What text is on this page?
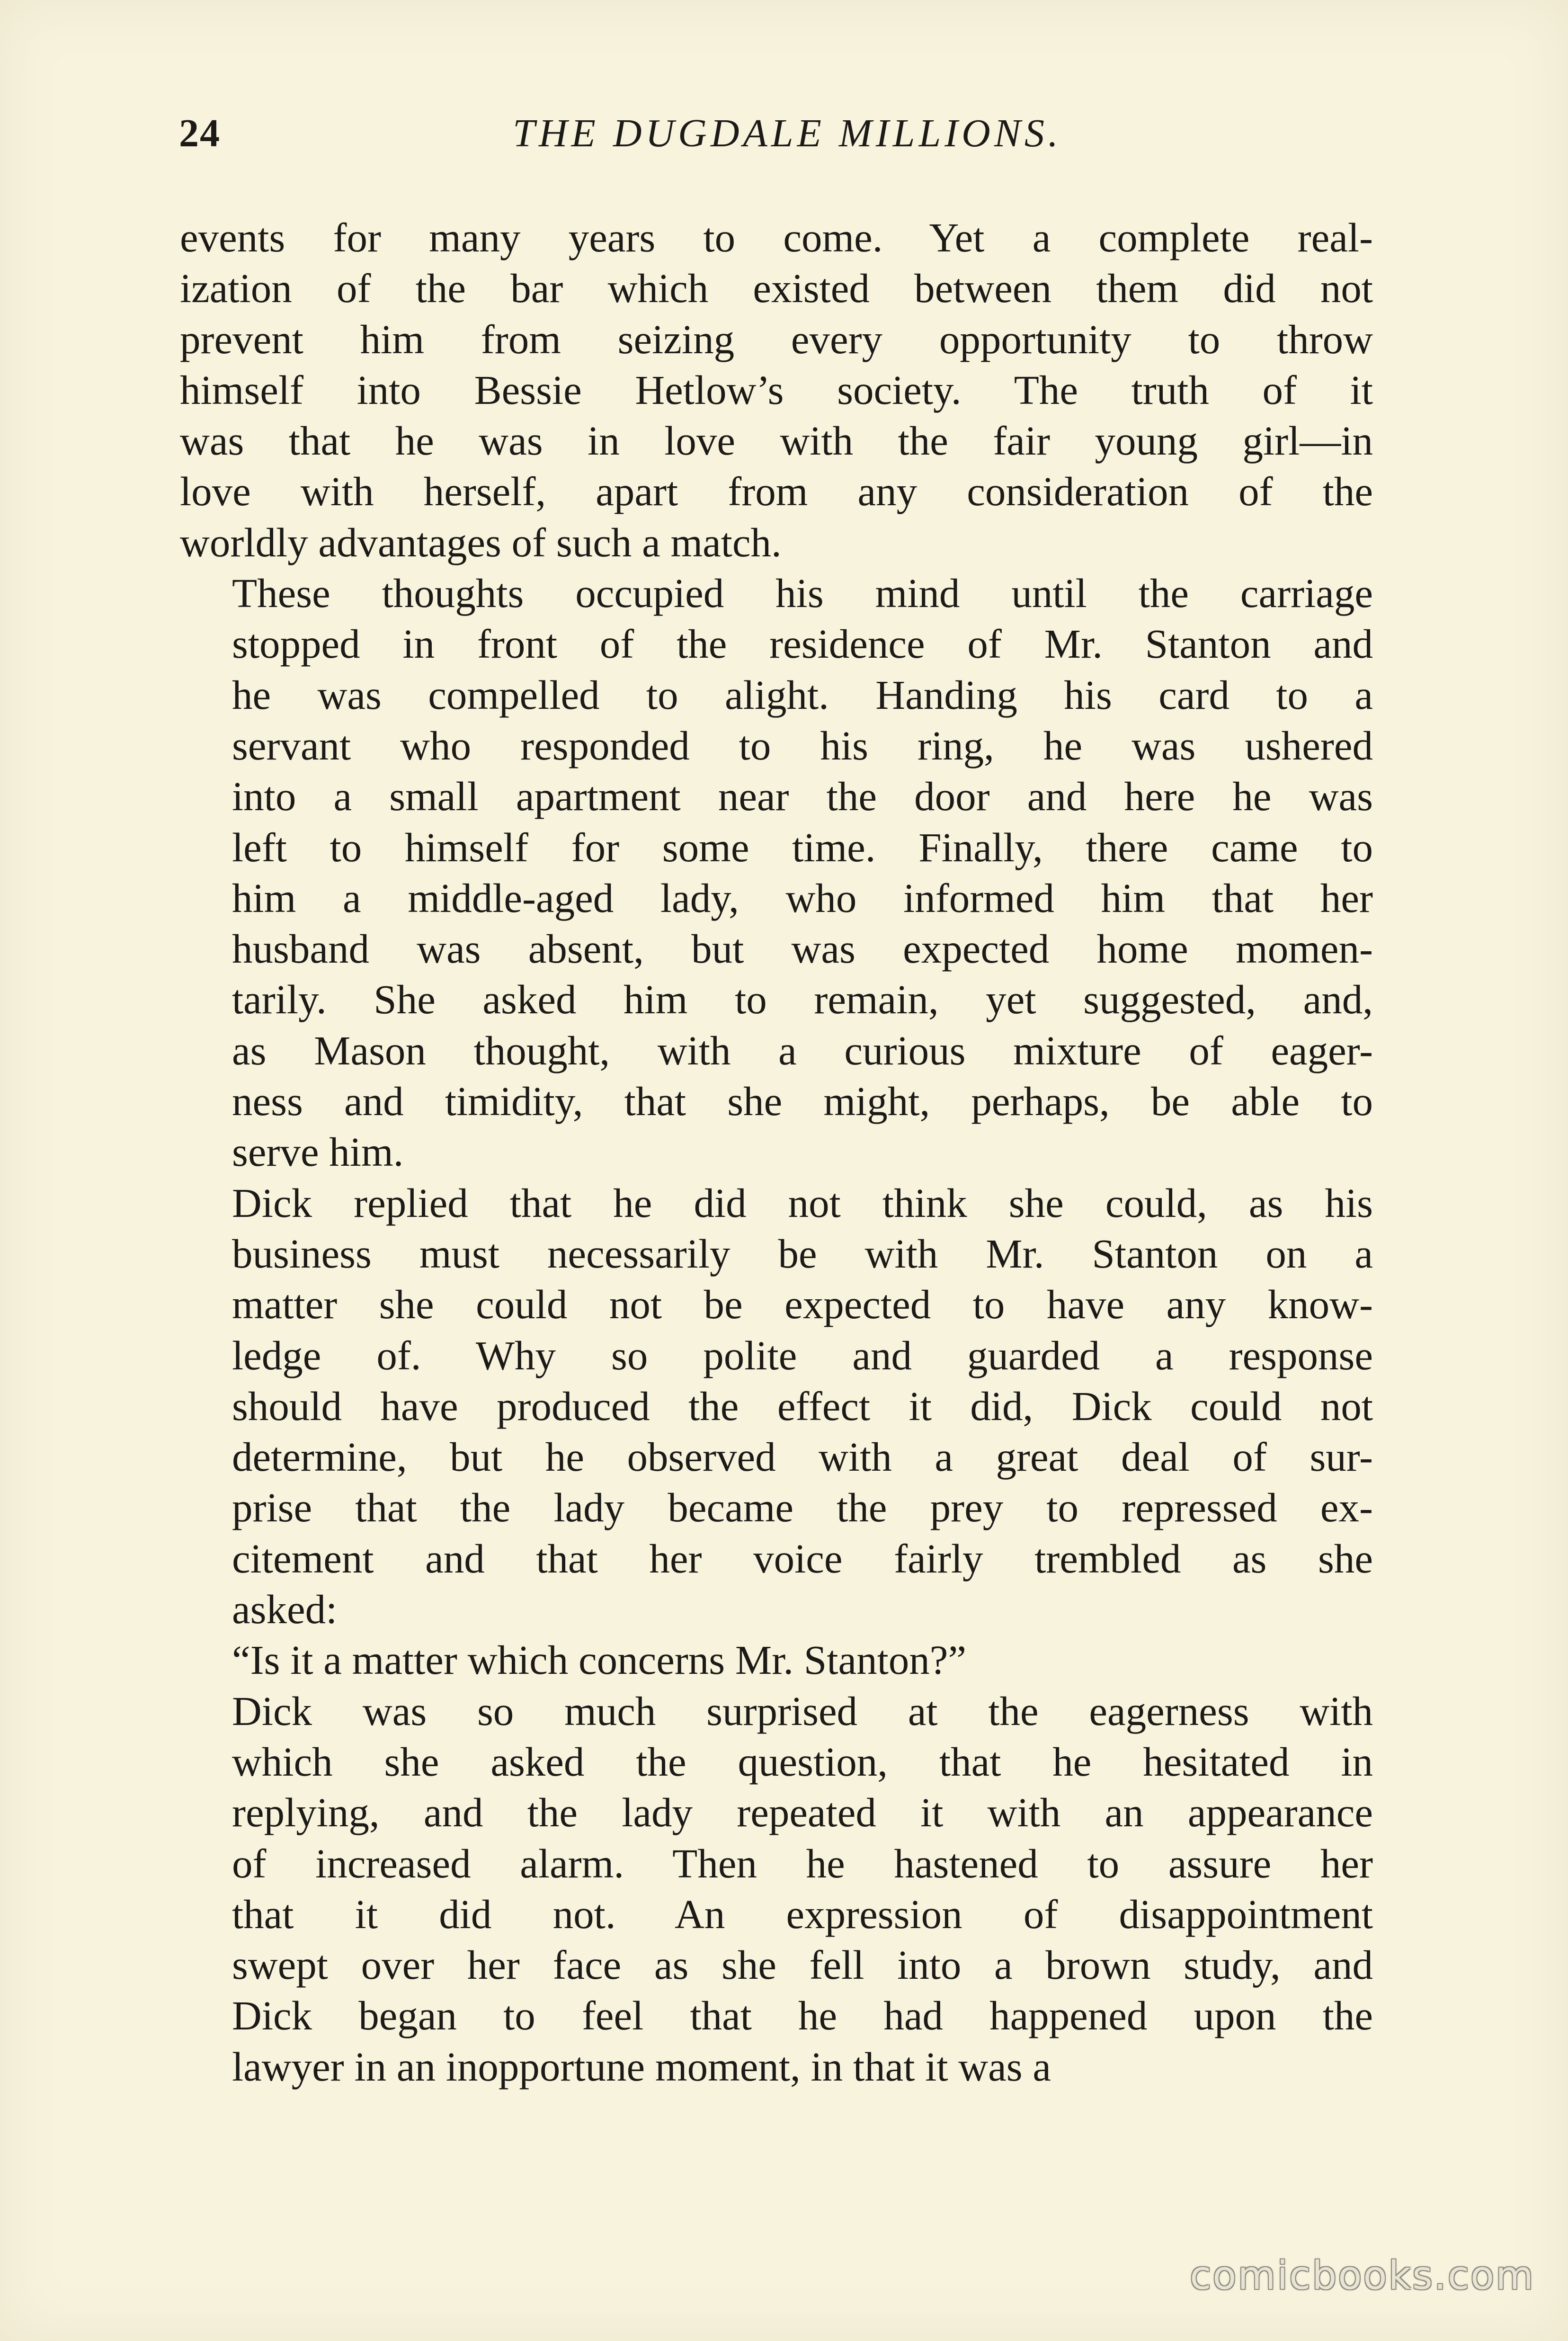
24	THE DUGDALE MILLIONS.

events for many years to come. Yet a complete real-
ization of the bar which existed between them did not
prevent him from seizing every opportunity to throw
himself into Bessie Hetlow’s society. The truth of it
was that he was in love with the fair young girl—in
love with herself, apart from any consideration of the
worldly advantages of such a match.

These thoughts occupied his mind until the carriage
stopped in front of the residence of Mr. Stanton and
he was compelled to alight. Handing his card to a
servant who responded to his ring, he was ushered
into a small apartment near the door and here he was
left to himself for some time. Finally, there came to
him a middle-aged lady, who informed him that her
husband was absent, but was expected home momen-
tarily. She asked him to remain, yet suggested, and,
as Mason thought, with a curious mixture of eager-
ness and timidity, that she might, perhaps, be able to
serve him.

Dick replied that he did not think she could, as his
business must necessarily be with Mr. Stanton on a
matter she could not be expected to have any know-
ledge of. Why so polite and guarded a response
should have produced the effect it did, Dick could not
determine, but he observed with a great deal of sur-
prise that the lady became the prey to repressed ex-
citement and that her voice fairly trembled as she
asked:

“Is it a matter which concerns Mr. Stanton?”

Dick was so much surprised at the eagerness with
which she asked the question, that he hesitated in
replying, and the lady repeated it with an appearance
of increased alarm. Then he hastened to assure her
that it did not. An expression of disappointment
swept over her face as she fell into a brown study, and
Dick began to feel that he had happened upon the
lawyer in an inopportune moment, in that it was a

comicbooks.com
